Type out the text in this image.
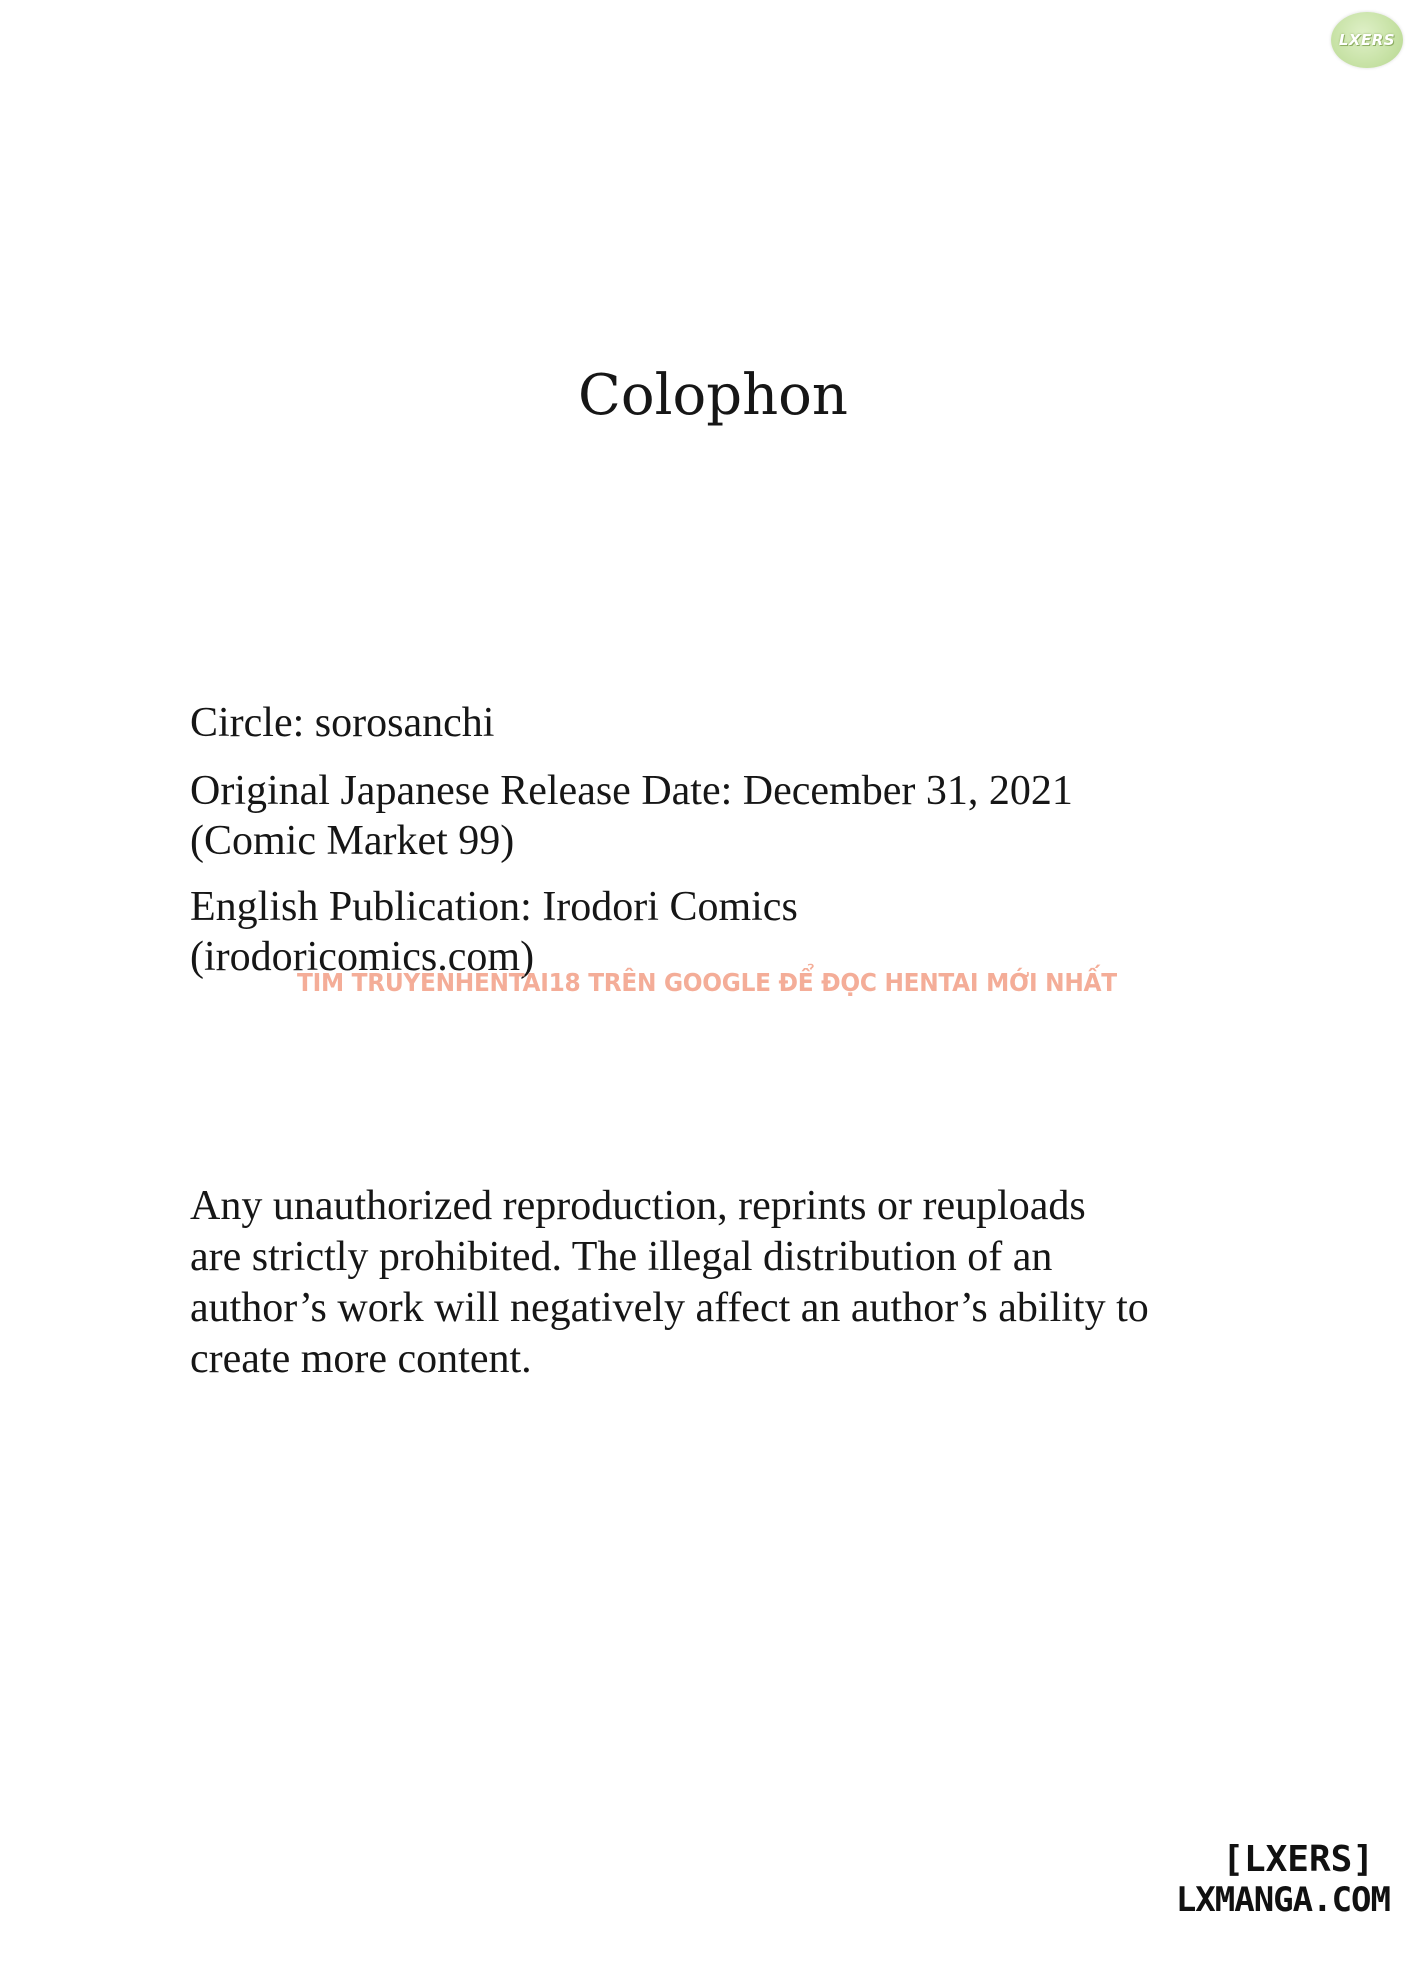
LXERS
Colophon

Circle: sorosanchi

Original Japanese Release Date: December 31, 2021

(Comic Market 99)

English Publication: Irodori Comics

(irodoricomics.com)

TIM TRUYENHENTAI18 TRÊN GOOGLE ĐỂ ĐỌC HENTAI MỚI NHẤT
Any unauthorized reproduction, reprints or reuploads
are strictly prohibited. The illegal distribution of an
author’s work will negatively affect an author’s ability to
create more content.
[LXERS]
LXMANGA.COM
